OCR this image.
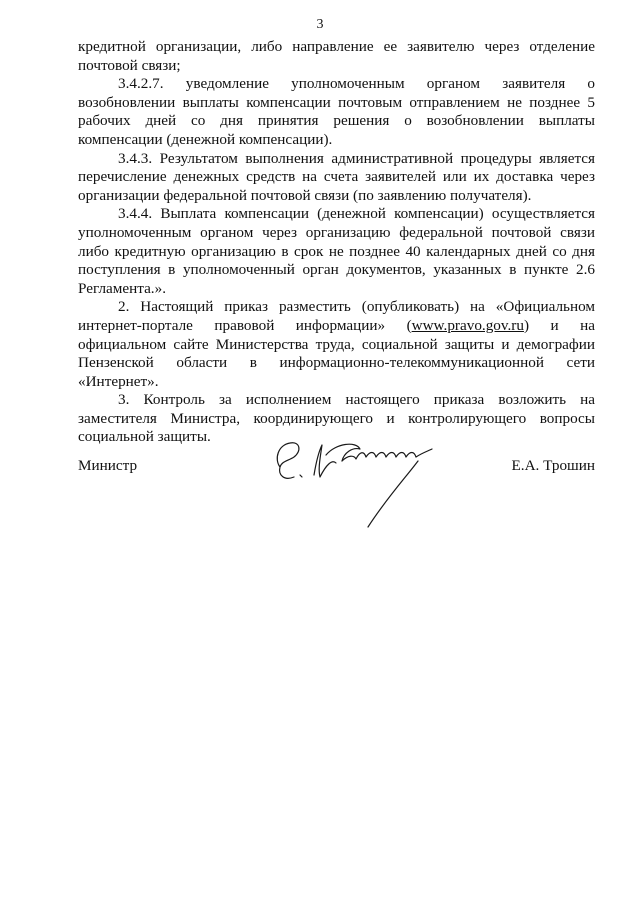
3

кредитной организации, либо направление ее заявителю через отделение почтовой связи;

3.4.2.7. уведомление уполномоченным органом заявителя о возобновлении выплаты компенсации почтовым отправлением не позднее 5 рабочих дней со дня принятия решения о возобновлении выплаты компенсации (денежной компенсации).

3.4.3. Результатом выполнения административной процедуры является перечисление денежных средств на счета заявителей или их доставка через организации федеральной почтовой связи (по заявлению получателя).

3.4.4. Выплата компенсации (денежной компенсации) осуществляется уполномоченным органом через организацию федеральной почтовой связи либо кредитную организацию в срок не позднее 40 календарных дней со дня поступления в уполномоченный орган документов, указанных в пункте 2.6 Регламента.».

2. Настоящий приказ разместить (опубликовать) на «Официальном интернет-портале правовой информации» (www.pravo.gov.ru) и на официальном сайте Министерства труда, социальной защиты и демографии Пензенской области в информационно-телекоммуникационной сети «Интернет».

3. Контроль за исполнением настоящего приказа возложить на заместителя Министра, координирующего и контролирующего вопросы социальной защиты.

Министр	Е.А. Трошин
